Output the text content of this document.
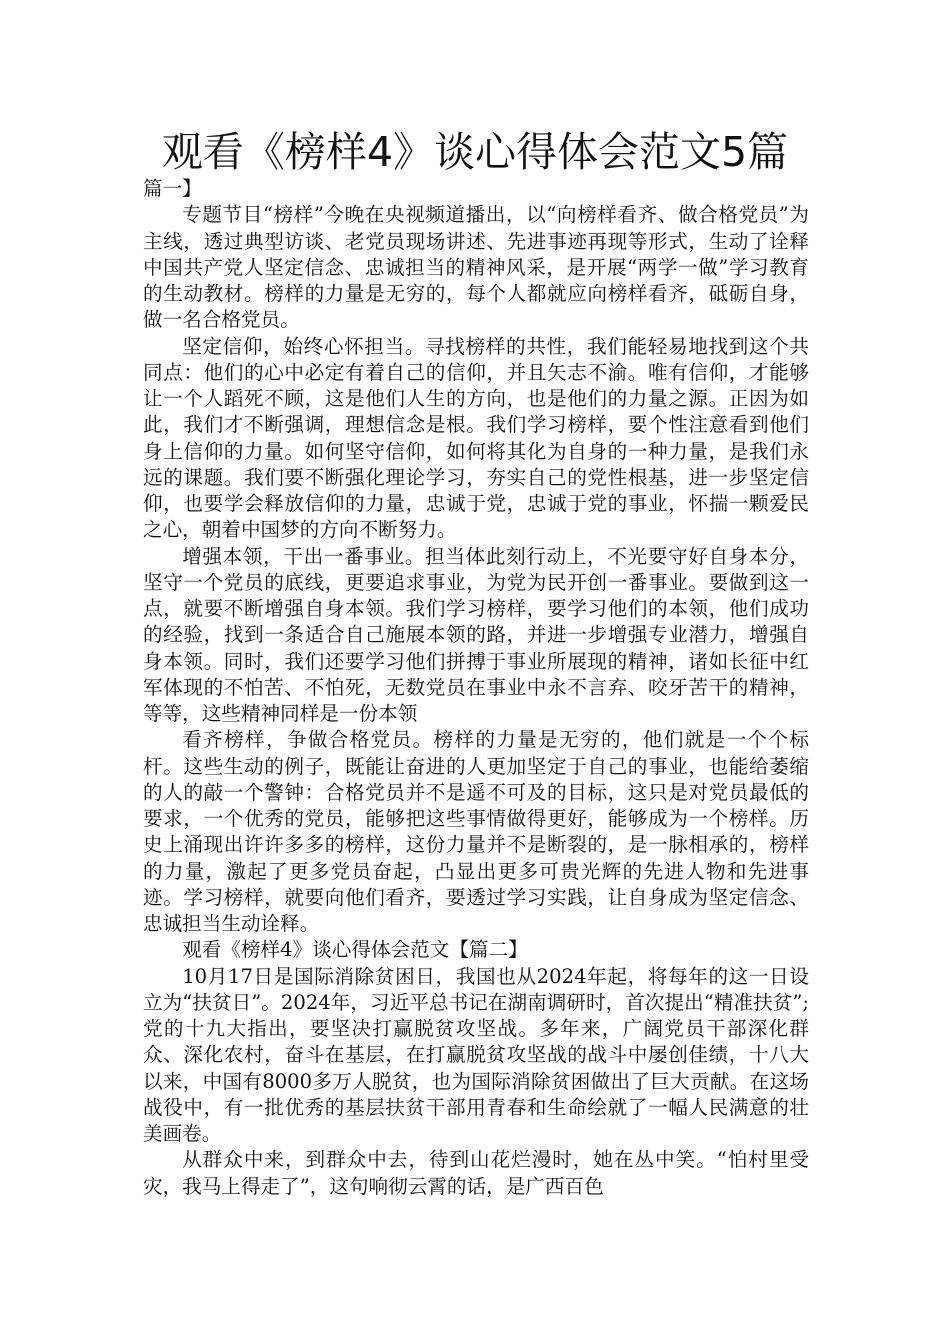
观看《榜样4》谈心得体会范文5篇

篇一】

专题节目“榜样”今晚在央视频道播出，以“向榜样看齐、做合格党员”为主线，透过典型访谈、老党员现场讲述、先进事迹再现等形式，生动了诠释中国共产党人坚定信念、忠诚担当的精神风采，是开展“两学一做”学习教育的生动教材。榜样的力量是无穷的，每个人都就应向榜样看齐，砥砺自身，做一名合格党员。

坚定信仰，始终心怀担当。寻找榜样的共性，我们能轻易地找到这个共同点：他们的心中必定有着自己的信仰，并且矢志不渝。唯有信仰，才能够让一个人蹈死不顾，这是他们人生的方向，也是他们的力量之源。正因为如此，我们才不断强调，理想信念是根。我们学习榜样，要个性注意看到他们身上信仰的力量。如何坚守信仰，如何将其化为自身的一种力量，是我们永远的课题。我们要不断强化理论学习，夯实自己的党性根基，进一步坚定信仰，也要学会释放信仰的力量，忠诚于党，忠诚于党的事业，怀揣一颗爱民之心，朝着中国梦的方向不断努力。

增强本领，干出一番事业。担当体此刻行动上，不光要守好自身本分，坚守一个党员的底线，更要追求事业，为党为民开创一番事业。要做到这一点，就要不断增强自身本领。我们学习榜样，要学习他们的本领，他们成功的经验，找到一条适合自己施展本领的路，并进一步增强专业潜力，增强自身本领。同时，我们还要学习他们拼搏于事业所展现的精神，诸如长征中红军体现的不怕苦、不怕死，无数党员在事业中永不言弃、咬牙苦干的精神，等等，这些精神同样是一份本领

看齐榜样，争做合格党员。榜样的力量是无穷的，他们就是一个个标杆。这些生动的例子，既能让奋进的人更加坚定于自己的事业，也能给萎缩的人的敲一个警钟：合格党员并不是遥不可及的目标，这只是对党员最低的要求，一个优秀的党员，能够把这些事情做得更好，能够成为一个榜样。历史上涌现出许许多多的榜样，这份力量并不是断裂的，是一脉相承的，榜样的力量，激起了更多党员奋起，凸显出更多可贵光辉的先进人物和先进事迹。学习榜样，就要向他们看齐，要透过学习实践，让自身成为坚定信念、忠诚担当生动诠释。

观看《榜样4》谈心得体会范文【篇二】

10月17日是国际消除贫困日，我国也从2024年起，将每年的这一日设立为“扶贫日”。2024年，习近平总书记在湖南调研时，首次提出“精准扶贫”;党的十九大指出，要坚决打赢脱贫攻坚战。多年来，广阔党员干部深化群众、深化农村，奋斗在基层，在打赢脱贫攻坚战的战斗中屡创佳绩，十八大以来，中国有8000多万人脱贫，也为国际消除贫困做出了巨大贡献。在这场战役中，有一批优秀的基层扶贫干部用青春和生命绘就了一幅人民满意的壮美画卷。

从群众中来，到群众中去，待到山花烂漫时，她在丛中笑。“怕村里受灾，我马上得走了”，这句响彻云霄的话，是广西百色
